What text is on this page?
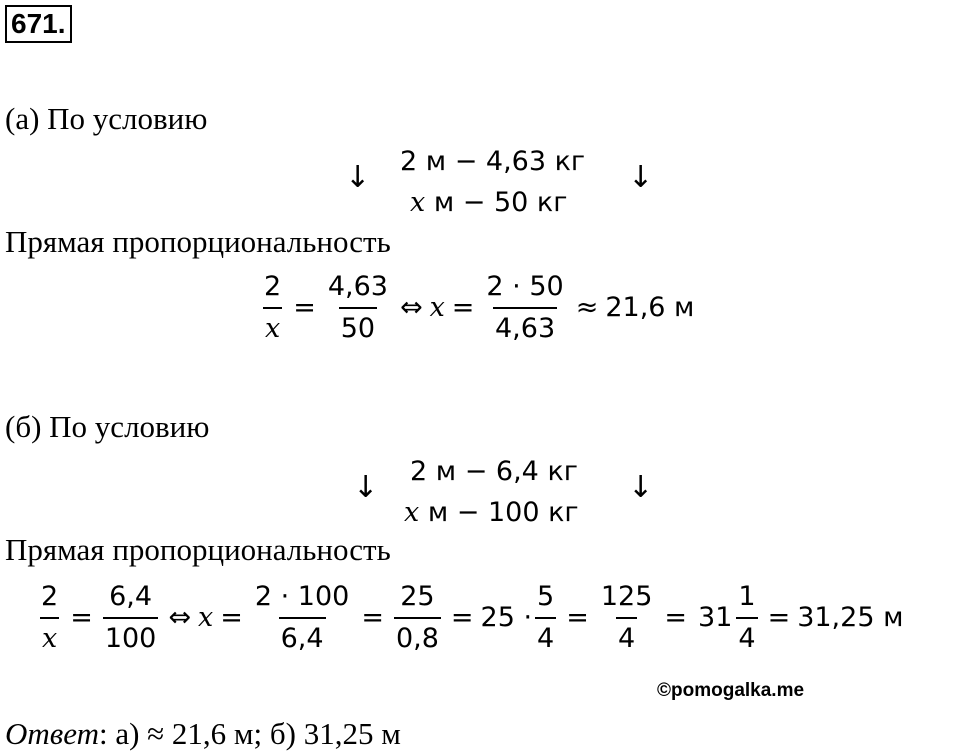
671.
(а) По условию
↓	↓
2 м − 4,63 кг
x м − 50 кг
Прямая пропорциональность
$\frac{2}{x} = \frac{4,63}{50}$ ⇔ $x = \frac{2 \cdot 50}{4,63} \approx 21,6$ м
(б) По условию
↓	↓
2 м − 6,4 кг
x м − 100 кг
Прямая пропорциональность
$\frac{2}{x} = \frac{6,4}{100}$ ⇔ $x = \frac{2 \cdot 100}{6,4} = \frac{25}{0,8} = 25 \cdot \frac{5}{4} = \frac{125}{4} = 31 \frac{1}{4} = 31,25$ м
©pomogalka.me
Ответ: а) ≈ 21,6 м; б) 31,25 м
